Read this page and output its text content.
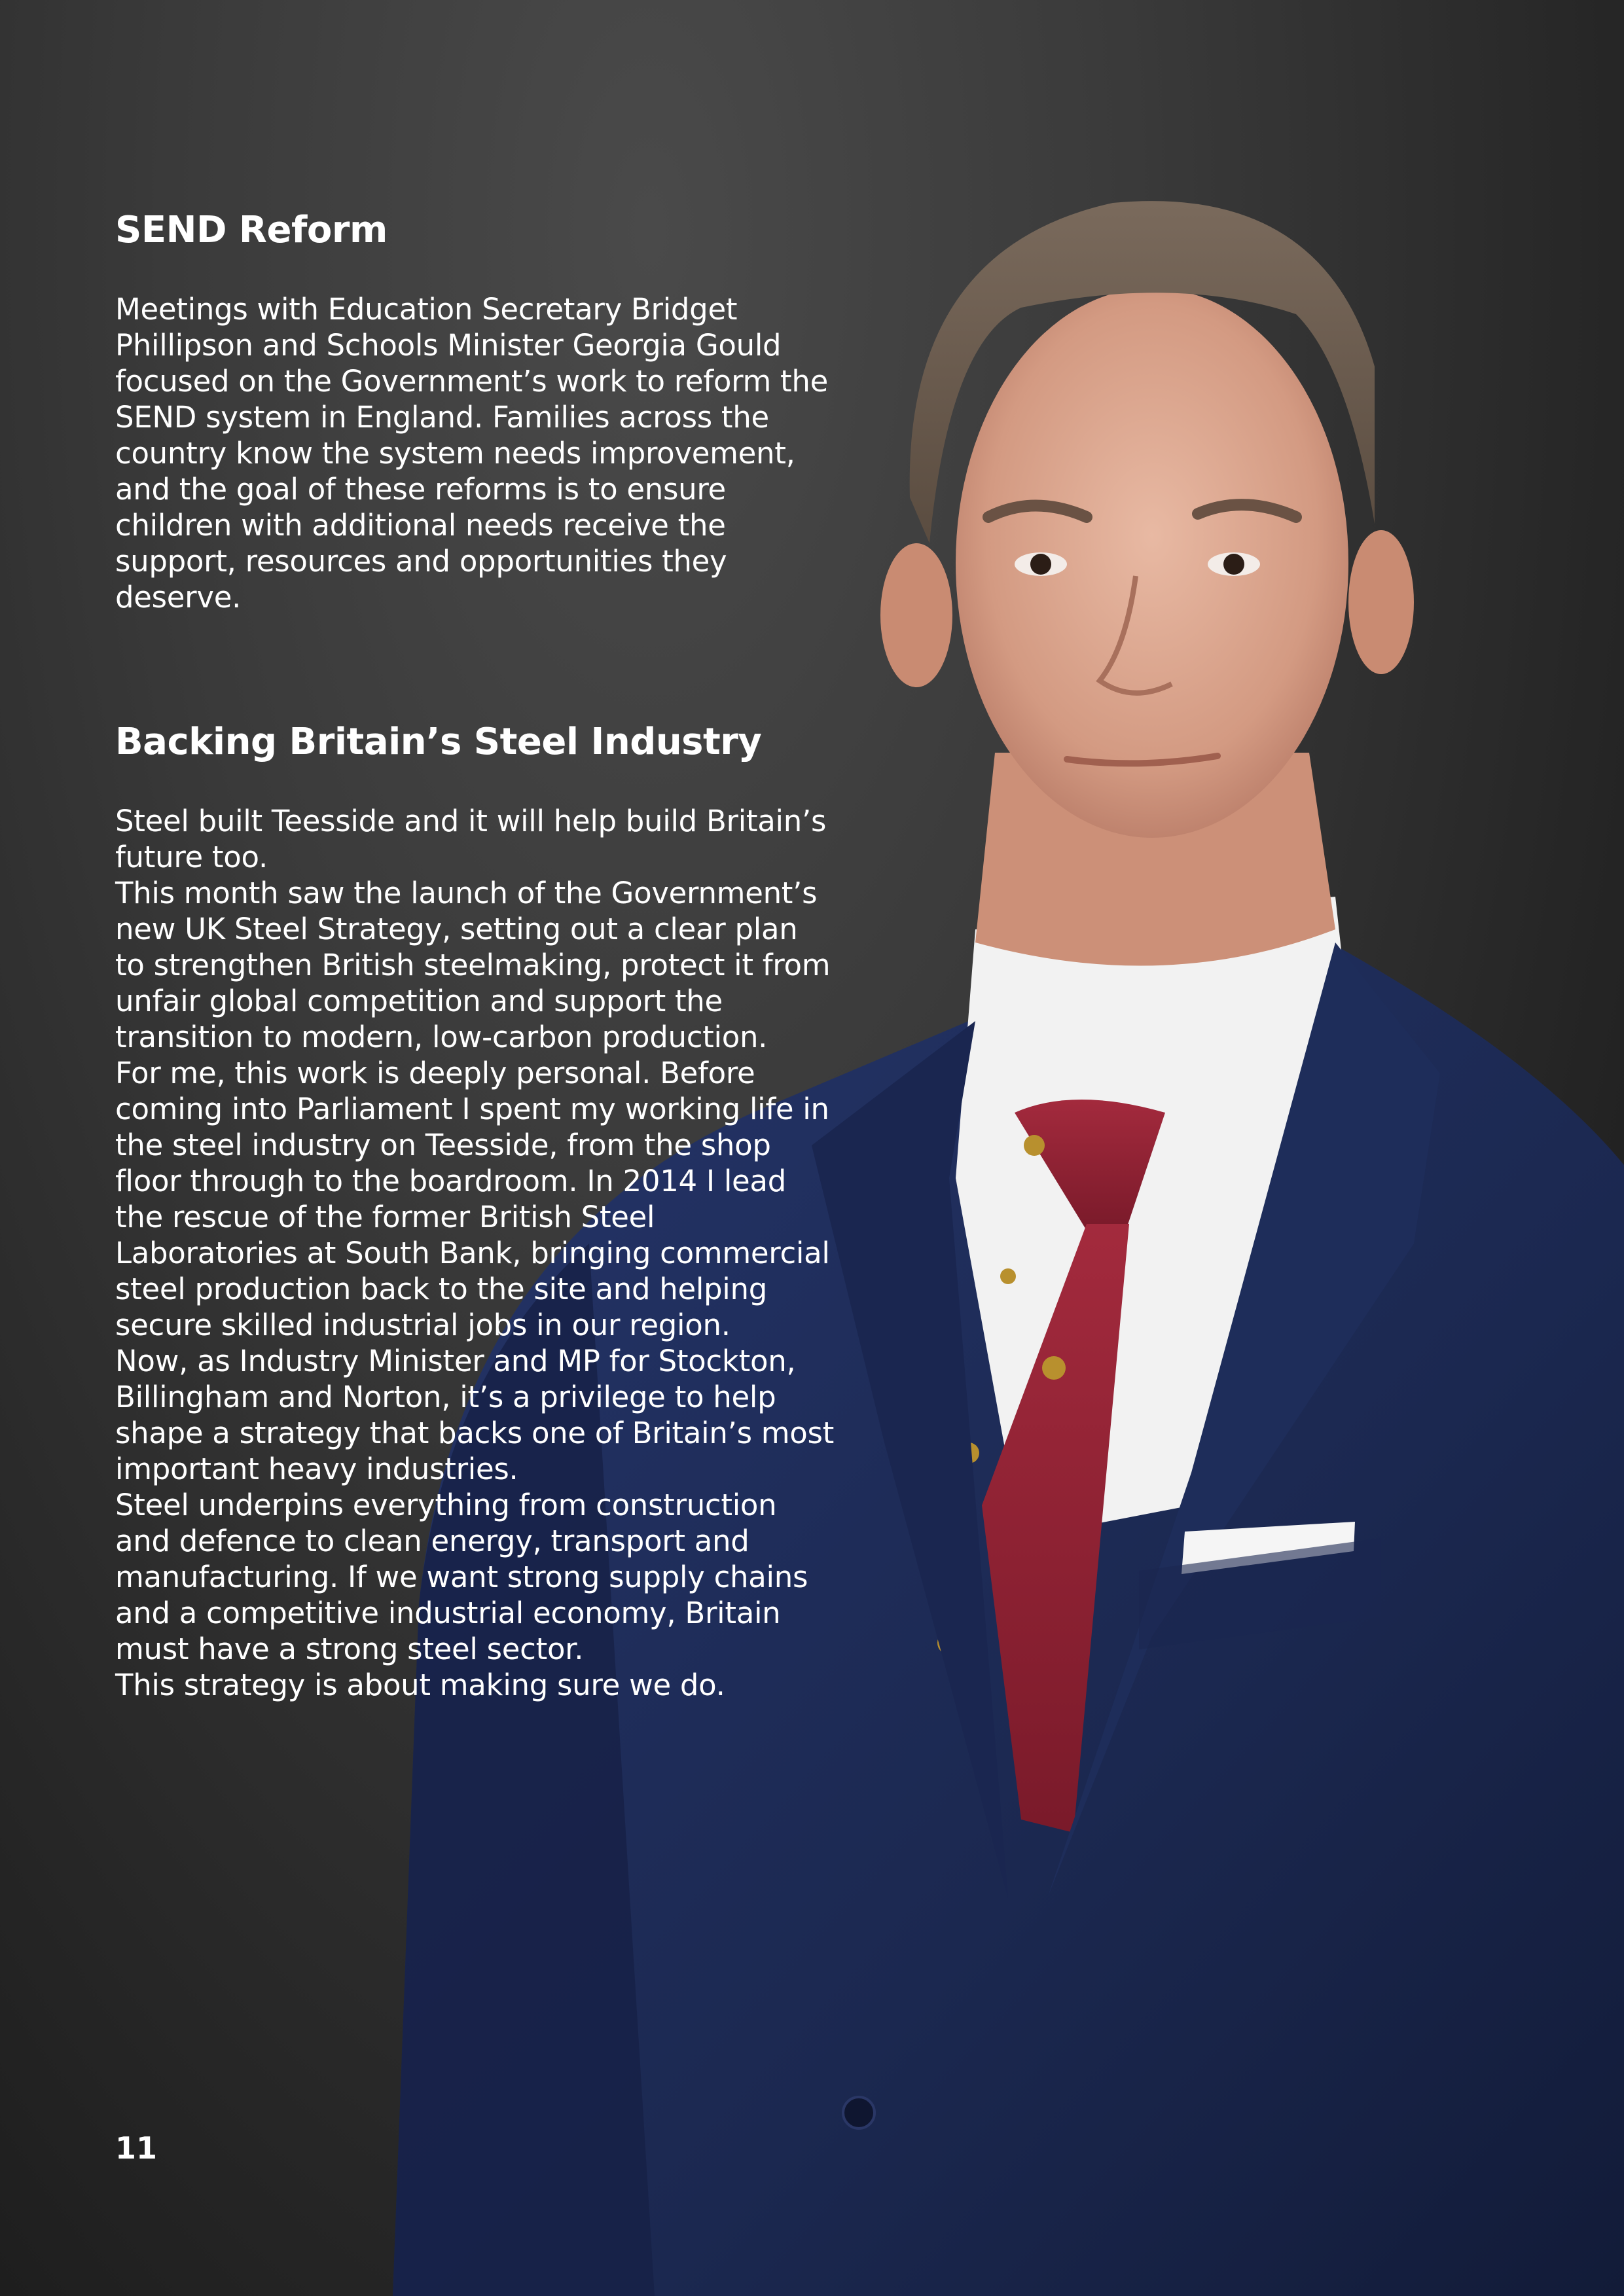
SEND Reform

Meetings with Education Secretary Bridget Phillipson and Schools Minister Georgia Gould focused on the Government’s work to reform the SEND system in England. Families across the country know the system needs improvement, and the goal of these reforms is to ensure children with additional needs receive the support, resources and opportunities they deserve.

Backing Britain’s Steel Industry

Steel built Teesside and it will help build Britain’s future too.

This month saw the launch of the Government’s new UK Steel Strategy, setting out a clear plan to strengthen British steelmaking, protect it from unfair global competition and support the transition to modern, low-carbon production.

For me, this work is deeply personal. Before coming into Parliament I spent my working life in the steel industry on Teesside, from the shop floor through to the boardroom. In 2014 I lead the rescue of the former British Steel Laboratories at South Bank, bringing commercial steel production back to the site and helping secure skilled industrial jobs in our region.

Now, as Industry Minister and MP for Stockton, Billingham and Norton, it’s a privilege to help shape a strategy that backs one of Britain’s most important heavy industries.

Steel underpins everything from construction and defence to clean energy, transport and manufacturing. If we want strong supply chains and a competitive industrial economy, Britain must have a strong steel sector.

This strategy is about making sure we do.

11
